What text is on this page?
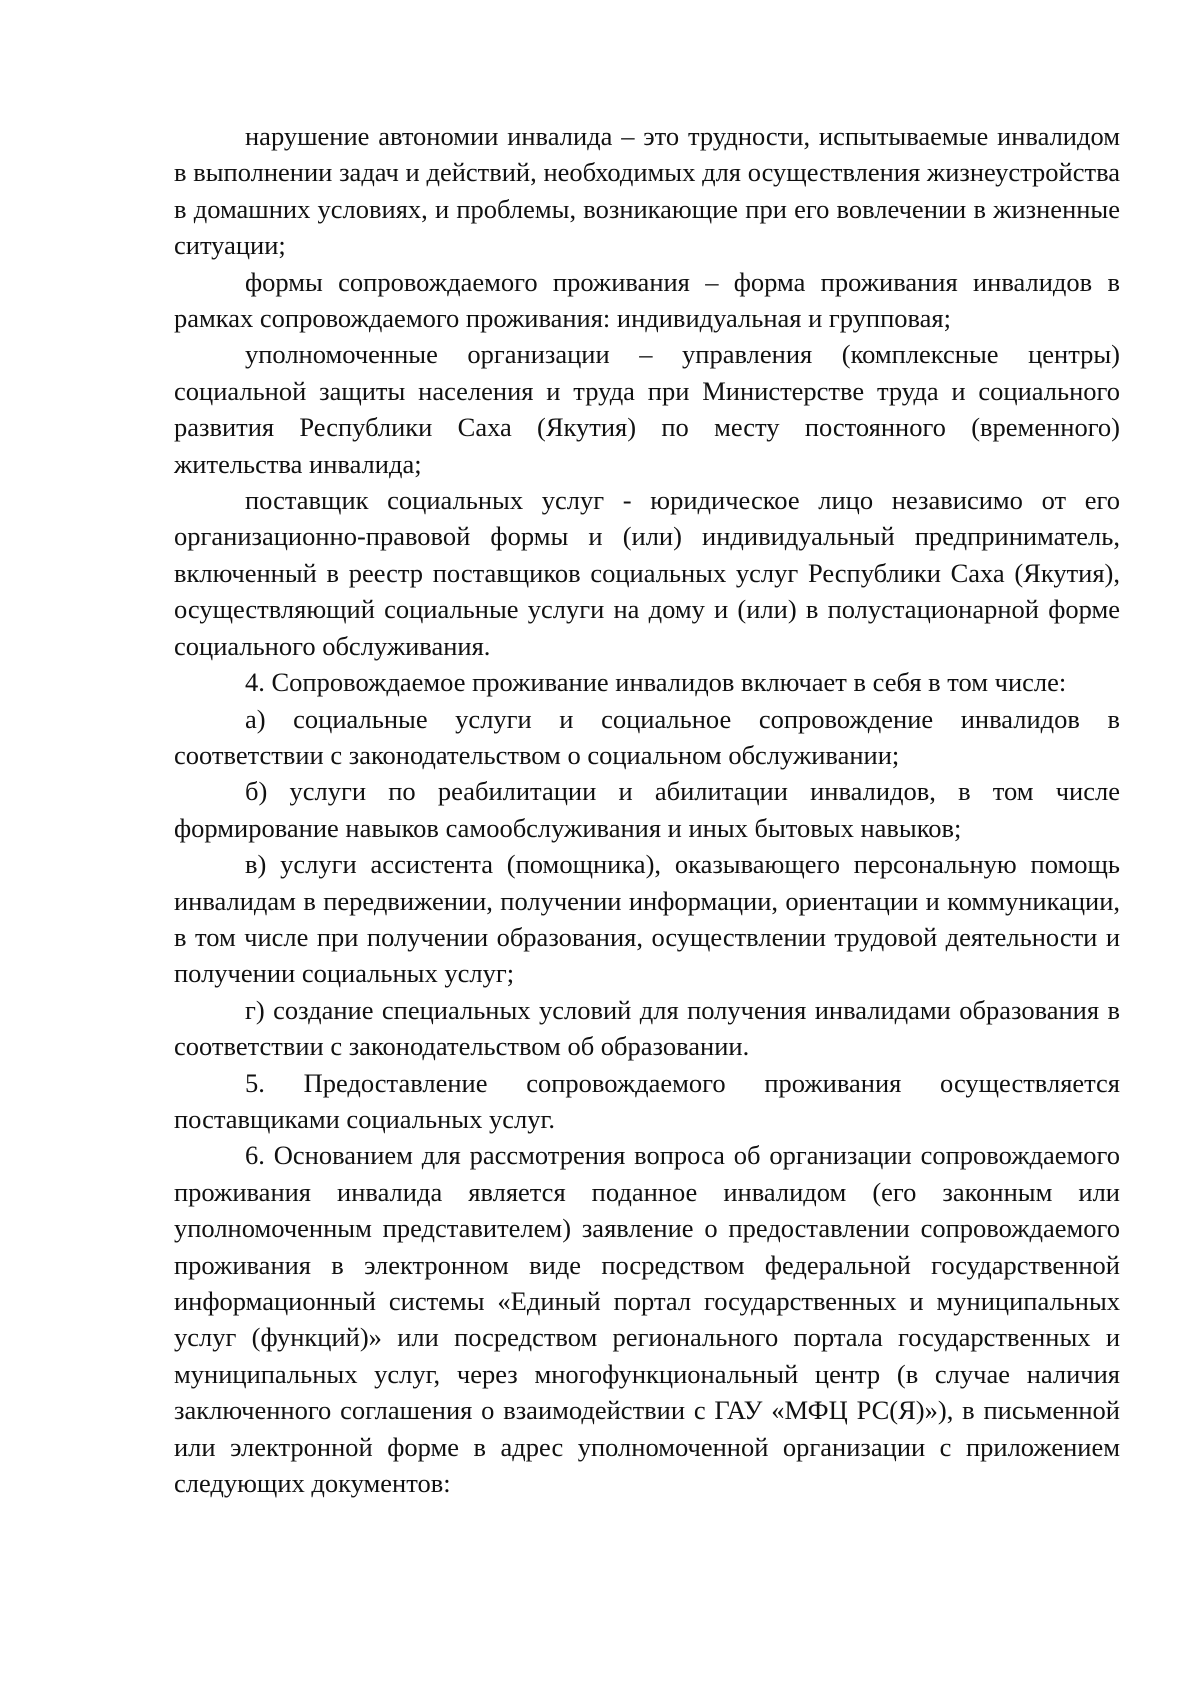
нарушение автономии инвалида – это трудности, испытываемые инвалидом в выполнении задач и действий, необходимых для осуществления жизнеустройства в домашних условиях, и проблемы, возникающие при его вовлечении в жизненные ситуации;

формы сопровождаемого проживания – форма проживания инвалидов в рамках сопровождаемого проживания: индивидуальная и групповая;

уполномоченные организации – управления (комплексные центры) социальной защиты населения и труда при Министерстве труда и социального развития Республики Саха (Якутия) по месту постоянного (временного) жительства инвалида;

поставщик социальных услуг - юридическое лицо независимо от его организационно-правовой формы и (или) индивидуальный предприниматель, включенный в реестр поставщиков социальных услуг Республики Саха (Якутия), осуществляющий социальные услуги на дому и (или) в полустационарной форме социального обслуживания.

4. Сопровождаемое проживание инвалидов включает в себя в том числе:

а) социальные услуги и социальное сопровождение инвалидов в соответствии с законодательством о социальном обслуживании;

б) услуги по реабилитации и абилитации инвалидов, в том числе формирование навыков самообслуживания и иных бытовых навыков;

в) услуги ассистента (помощника), оказывающего персональную помощь инвалидам в передвижении, получении информации, ориентации и коммуникации, в том числе при получении образования, осуществлении трудовой деятельности и получении социальных услуг;

г) создание специальных условий для получения инвалидами образования в соответствии с законодательством об образовании.

5. Предоставление сопровождаемого проживания осуществляется поставщиками социальных услуг.

6. Основанием для рассмотрения вопроса об организации сопровождаемого проживания инвалида является поданное инвалидом (его законным или уполномоченным представителем) заявление о предоставлении сопровождаемого проживания в электронном виде посредством федеральной государственной информационный системы «Единый портал государственных и муниципальных услуг (функций)» или посредством регионального портала государственных и муниципальных услуг, через многофункциональный центр (в случае наличия заключенного соглашения о взаимодействии с ГАУ «МФЦ РС(Я)»), в письменной или электронной форме в адрес уполномоченной организации с приложением следующих документов:
